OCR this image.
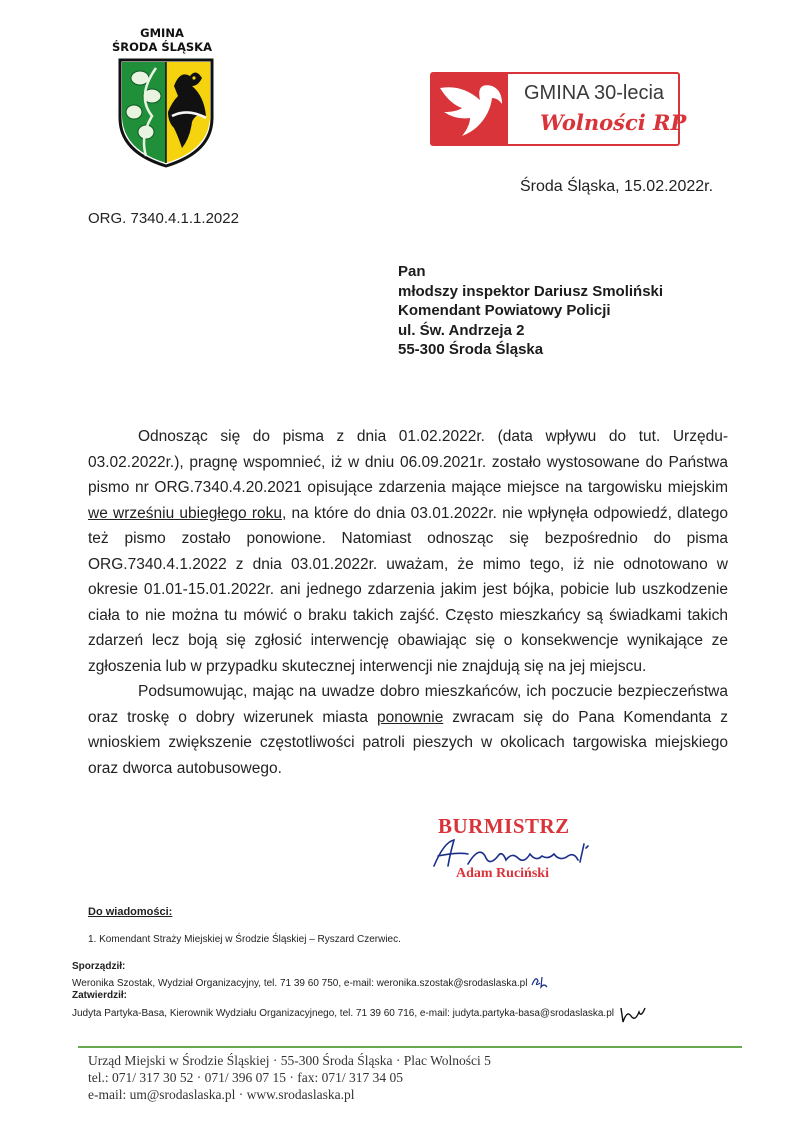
GMINA
ŚRODA ŚLĄSKA
GMINA 30-lecia
Wolności RP
Środa Śląska, 15.02.2022r.
ORG. 7340.4.1.1.2022
Pan
młodszy inspektor Dariusz Smoliński
Komendant Powiatowy Policji
ul. Św. Andrzeja 2
55-300 Środa Śląska

Odnosząc się do pisma z dnia 01.02.2022r. (data wpływu do tut. Urzędu- 03.02.2022r.), pragnę wspomnieć, iż w dniu 06.09.2021r. zostało wystosowane do Państwa pismo nr ORG.7340.4.20.2021 opisujące zdarzenia mające miejsce na targowisku miejskim we wrześniu ubiegłego roku, na które do dnia 03.01.2022r. nie wpłynęła odpowiedź, dlatego też pismo zostało ponowione. Natomiast odnosząc się bezpośrednio do pisma ORG.7340.4.1.2022 z dnia 03.01.2022r. uważam, że mimo tego, iż nie odnotowano w okresie 01.01-15.01.2022r. ani jednego zdarzenia jakim jest bójka, pobicie lub uszkodzenie ciała to nie można tu mówić o braku takich zajść. Często mieszkańcy są świadkami takich zdarzeń lecz boją się zgłosić interwencję obawiając się o konsekwencje wynikające ze zgłoszenia lub w przypadku skutecznej interwencji nie znajdują się na jej miejscu.

Podsumowując, mając na uwadze dobro mieszkańców, ich poczucie bezpieczeństwa oraz troskę o dobry wizerunek miasta ponownie zwracam się do Pana Komendanta z wnioskiem zwiększenie częstotliwości patroli pieszych w okolicach targowiska miejskiego oraz dworca autobusowego.

BURMISTRZ
Adam Ruciński
Do wiadomości:
1. Komendant Straży Miejskiej w Środzie Śląskiej – Ryszard Czerwiec.
Sporządził:
Weronika Szostak, Wydział Organizacyjny, tel. 71 39 60 750, e-mail: weronika.szostak@srodaslaska.pl
Zatwierdził:
Judyta Partyka-Basa, Kierownik Wydziału Organizacyjnego, tel. 71 39 60 716, e-mail: judyta.partyka-basa@srodaslaska.pl
Urząd Miejski w Środzie Śląskiej · 55-300 Środa Śląska · Plac Wolności 5
tel.: 071/ 317 30 52 · 071/ 396 07 15 · fax: 071/ 317 34 05
e-mail: um@srodaslaska.pl · www.srodaslaska.pl
